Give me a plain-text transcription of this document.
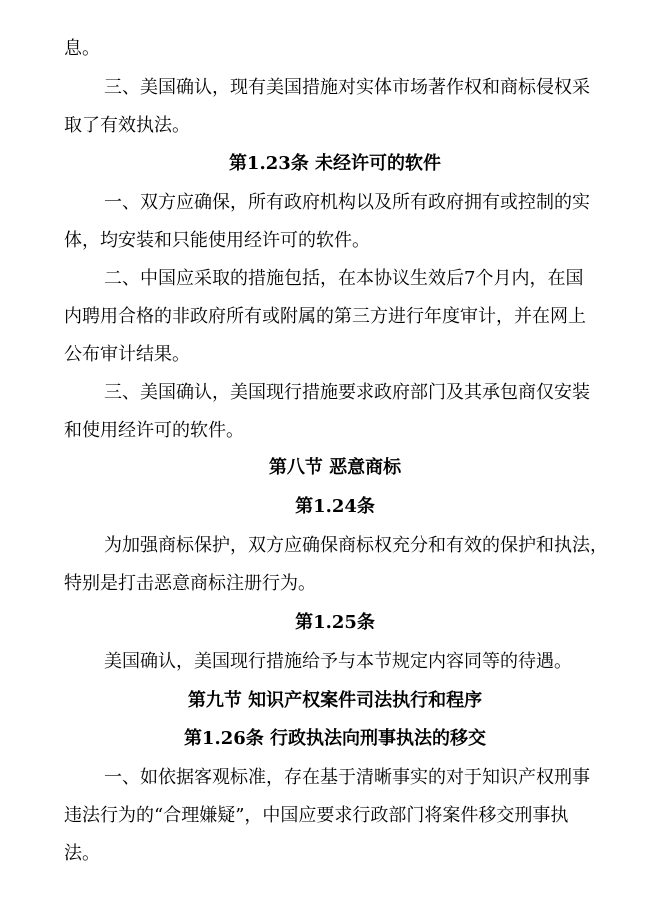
息。
三、美国确认，现有美国措施对实体市场著作权和商标侵权采
取了有效执法。
第1.23条 未经许可的软件
一、双方应确保，所有政府机构以及所有政府拥有或控制的实
体，均安装和只能使用经许可的软件。
二、中国应采取的措施包括，在本协议生效后7个月内，在国
内聘用合格的非政府所有或附属的第三方进行年度审计，并在网上
公布审计结果。
三、美国确认，美国现行措施要求政府部门及其承包商仅安装
和使用经许可的软件。
第八节 恶意商标
第1.24条
为加强商标保护，双方应确保商标权充分和有效的保护和执法，
特别是打击恶意商标注册行为。
第1.25条
美国确认，美国现行措施给予与本节规定内容同等的待遇。
第九节 知识产权案件司法执行和程序
第1.26条 行政执法向刑事执法的移交
一、如依据客观标准，存在基于清晰事实的对于知识产权刑事
违法行为的“合理嫌疑”，中国应要求行政部门将案件移交刑事执
法。
